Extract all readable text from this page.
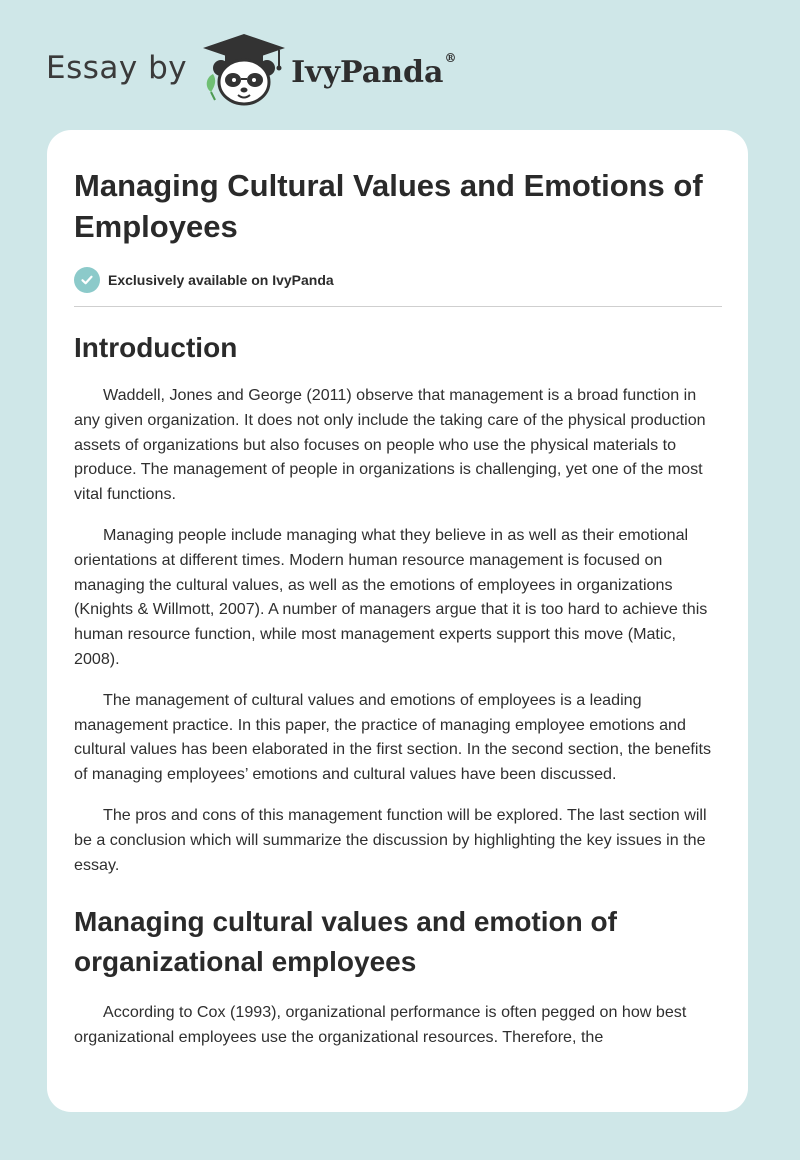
Essay by	IvyPanda®
Managing Cultural Values and Emotions of Employees
Exclusively available on IvyPanda
Introduction

Waddell, Jones and George (2011) observe that management is a broad function in any given organization. It does not only include the taking care of the physical production assets of organizations but also focuses on people who use the physical materials to produce. The management of people in organizations is challenging, yet one of the most vital functions.

Managing people include managing what they believe in as well as their emotional orientations at different times. Modern human resource management is focused on managing the cultural values, as well as the emotions of employees in organizations (Knights & Willmott, 2007). A number of managers argue that it is too hard to achieve this human resource function, while most management experts support this move (Matic, 2008).

The management of cultural values and emotions of employees is a leading management practice. In this paper, the practice of managing employee emotions and cultural values has been elaborated in the first section. In the second section, the benefits of managing employees’ emotions and cultural values have been discussed.

The pros and cons of this management function will be explored. The last section will be a conclusion which will summarize the discussion by highlighting the key issues in the essay.

Managing cultural values and emotion of organizational employees

According to Cox (1993), organizational performance is often pegged on how best organizational employees use the organizational resources. Therefore, the
